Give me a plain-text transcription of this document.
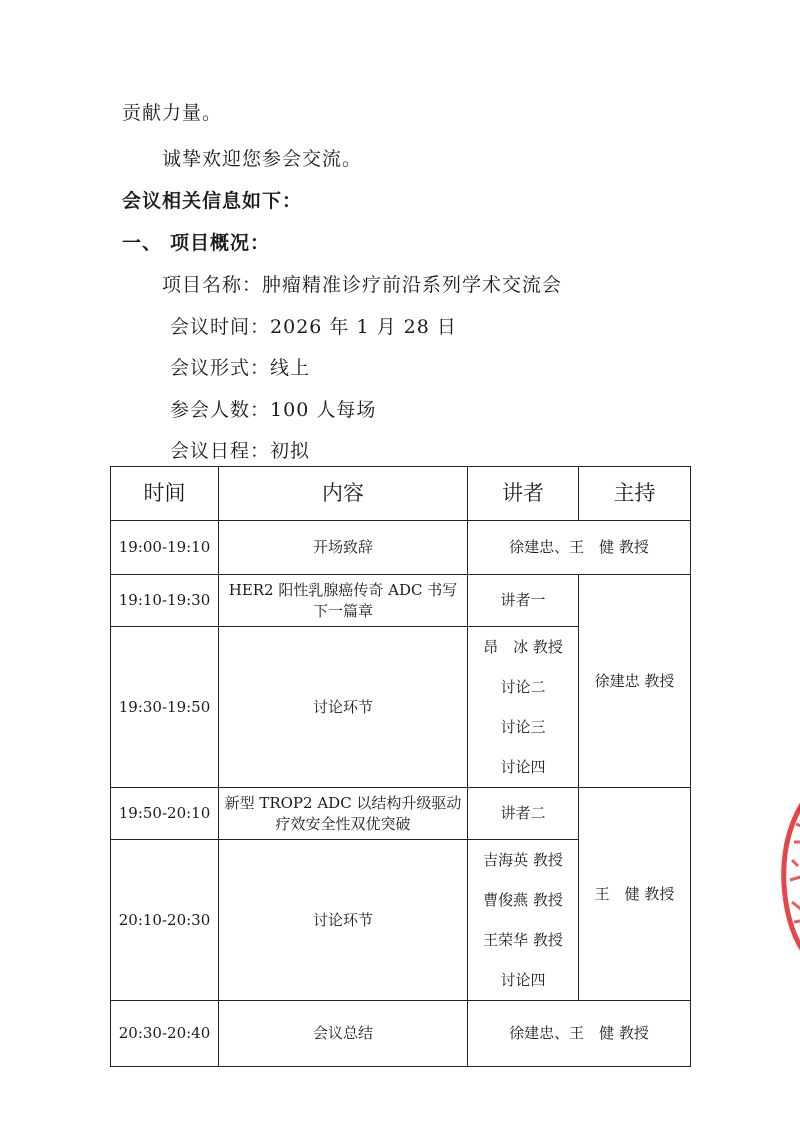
贡献力量。
诚挚欢迎您参会交流。
会议相关信息如下：
一、 项目概况：
项目名称：肿瘤精准诊疗前沿系列学术交流会
会议时间：2026 年 1 月 28 日
会议形式：线上
参会人数：100 人每场
会议日程：初拟
时间	内容	讲者	主持
19:00-19:10	开场致辞	徐建忠、王　健 教授	
19:10-19:30	HER2 阳性乳腺癌传奇 ADC 书写下一篇章	讲者一	徐建忠 教授
19:30-19:50	讨论环节	昂　冰 教授
讨论二
讨论三
讨论四	

19:50-20:10	新型 TROP2 ADC 以结构升级驱动疗效安全性双优突破	讲者二	王　健 教授
20:10-20:30	讨论环节	吉海英 教授
曹俊燕 教授
王荣华 教授
讨论四	

20:30-20:40	会议总结	徐建忠、王　健 教授	
